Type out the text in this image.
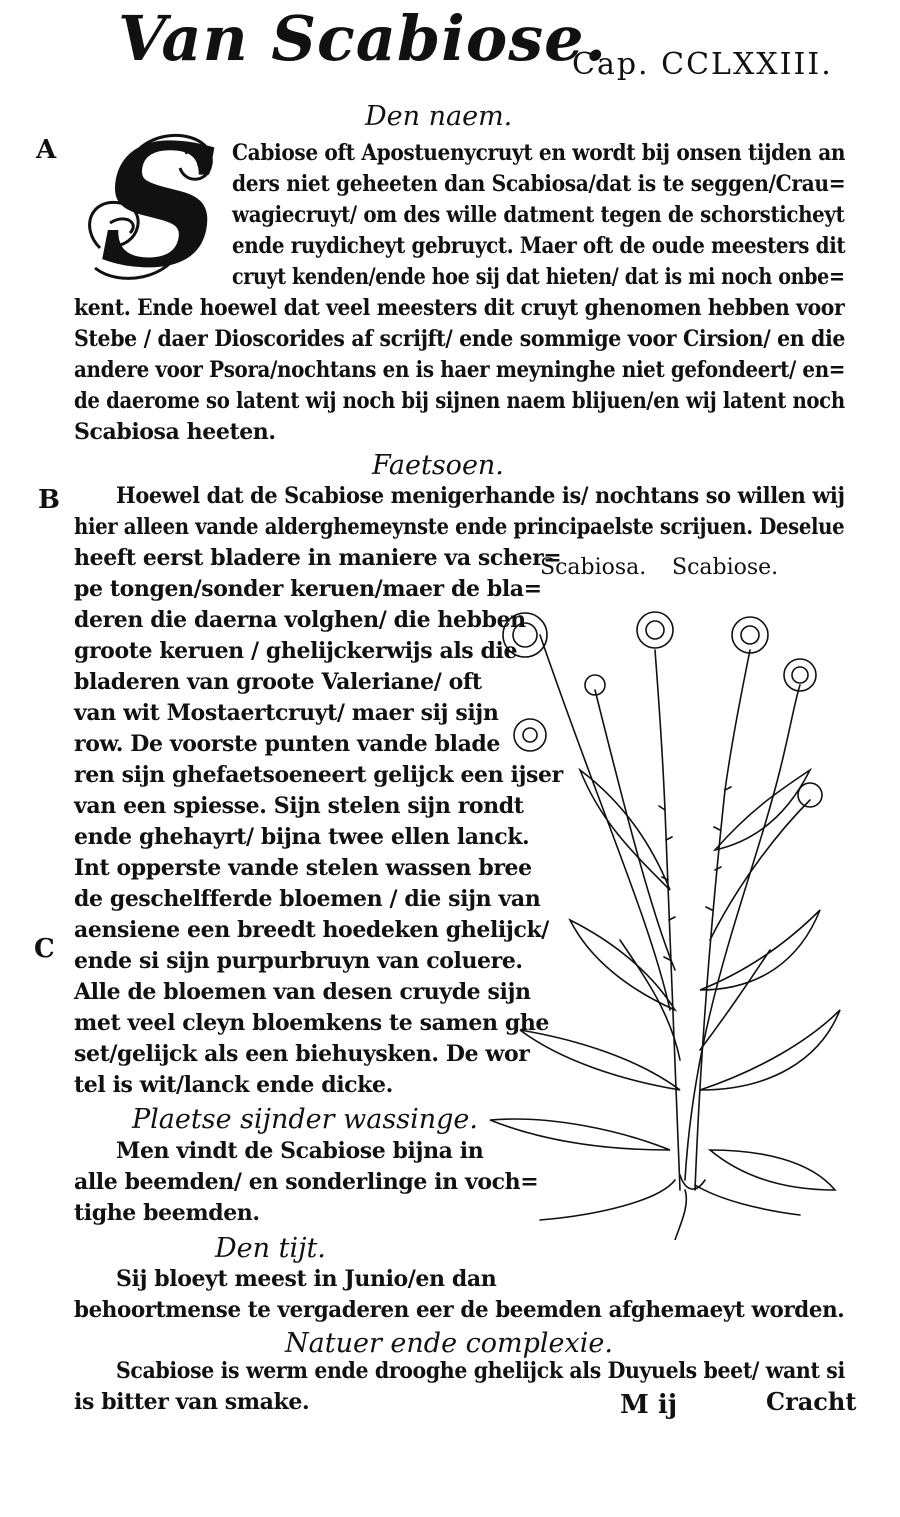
Van Scabiose.
Cap. CCLXXIII.
Den naem.
A S Cabiose oft Apostuenycruyt en wordt bij onsen tijden an
ders niet geheeten dan Scabiosa/dat is te seggen/Crau=
wagiecruyt/ om des wille datment tegen de schorsticheyt
ende ruydicheyt gebruyct. Maer oft de oude meesters dit
cruyt kenden/ende hoe sij dat hieten/ dat is mi noch onbe=
kent. Ende hoewel dat veel meesters dit cruyt ghenomen hebben voor
Stebe / daer Dioscorides af scrijft/ ende sommige voor Cirsion/ en die
andere voor Psora/nochtans en is haer meyninghe niet gefondeert/ en=
de daerome so latent wij noch bij sijnen naem blijuen/en wij latent noch
Scabiosa heeten.
Faetsoen.
B	Hoewel dat de Scabiose menigerhande is/ nochtans so willen wij
hier alleen vande alderghemeynste ende principaelste scrijuen. Deselue
heeft eerst bladere in maniere va scher=
pe tongen/sonder keruen/maer de bla=
deren die daerna volghen/ die hebben
groote keruen / ghelijckerwijs als die
bladeren van groote Valeriane/ oft
van wit Mostaertcruyt/ maer sij sijn
row. De voorste punten vande blade
ren sijn ghefaetsoeneert gelijck een ijser
van een spiesse. Sijn stelen sijn rondt
ende ghehayrt/ bijna twee ellen lanck.
Int opperste vande stelen wassen bree
de geschelfferde bloemen / die sijn van
aensiene een breedt hoedeken ghelijck/
C ende si sijn purpurbruyn van coluere.
Alle de bloemen van desen cruyde sijn
met veel cleyn bloemkens te samen ghe
set/gelijck als een biehuysken. De wor
tel is wit/lanck ende dicke.
Plaetse sijnder wassinge.
Men vindt de Scabiose bijna in
alle beemden/ en sonderlinge in voch=
tighe beemden.
Den tijt.
Sij bloeyt meest in Junio/en dan
behoortmense te vergaderen eer de beemden afghemaeyt worden.
Natuer ende complexie.
Scabiose is werm ende drooghe ghelijck als Duyuels beet/ want si
is bitter van smake.
Scabiosa. Scabiose.
M ij	Cracht
